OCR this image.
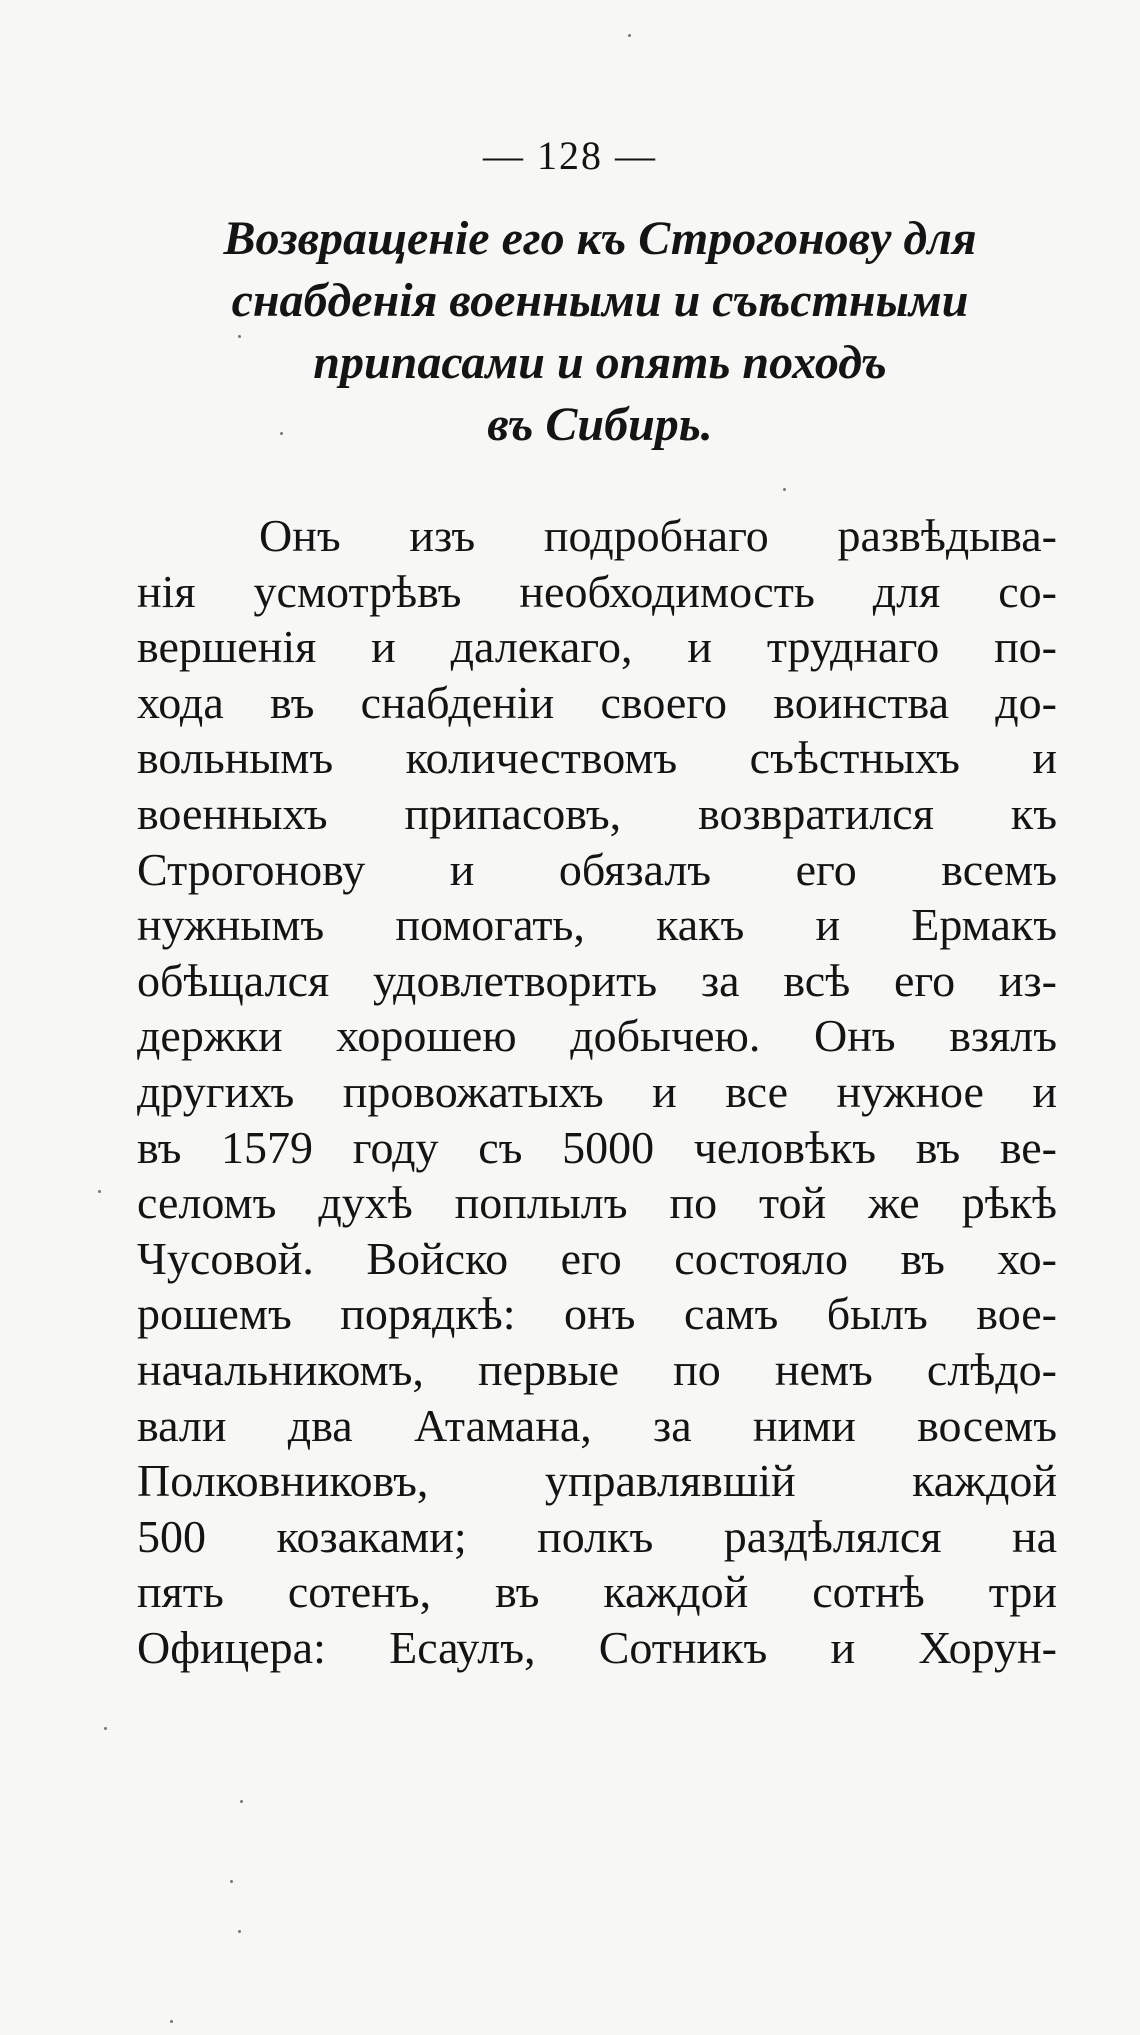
— 128 —
Возвращеніе его къ Строгонову для
снабденія военными и съѣстными
припасами и опять походъ
въ Сибирь.
Онъ изъ подробнаго развѣдыва-
нія усмотрѣвъ необходимость для со-
вершенія и далекаго, и труднаго по-
хода въ снабденіи своего воинства до-
вольнымъ количествомъ съѣстныхъ и
военныхъ припасовъ, возвратился къ
Строгонову и обязалъ его всемъ
нужнымъ помогать, какъ и Ермакъ
обѣщался удовлетворить за всѣ его из-
держки хорошею добычею. Онъ взялъ
другихъ провожатыхъ и все нужное и
въ 1579 году съ 5000 человѣкъ въ ве-
селомъ духѣ поплылъ по той же рѣкѣ
Чусовой. Войско его состояло въ хо-
рошемъ порядкѣ: онъ самъ былъ вое-
начальникомъ, первые по немъ слѣдо-
вали два Атамана, за ними восемъ
Полковниковъ, управлявшій каждой
500 козаками; полкъ раздѣлялся на
пять сотенъ, въ каждой сотнѣ три
Офицера: Есаулъ, Сотникъ и Хорун-
